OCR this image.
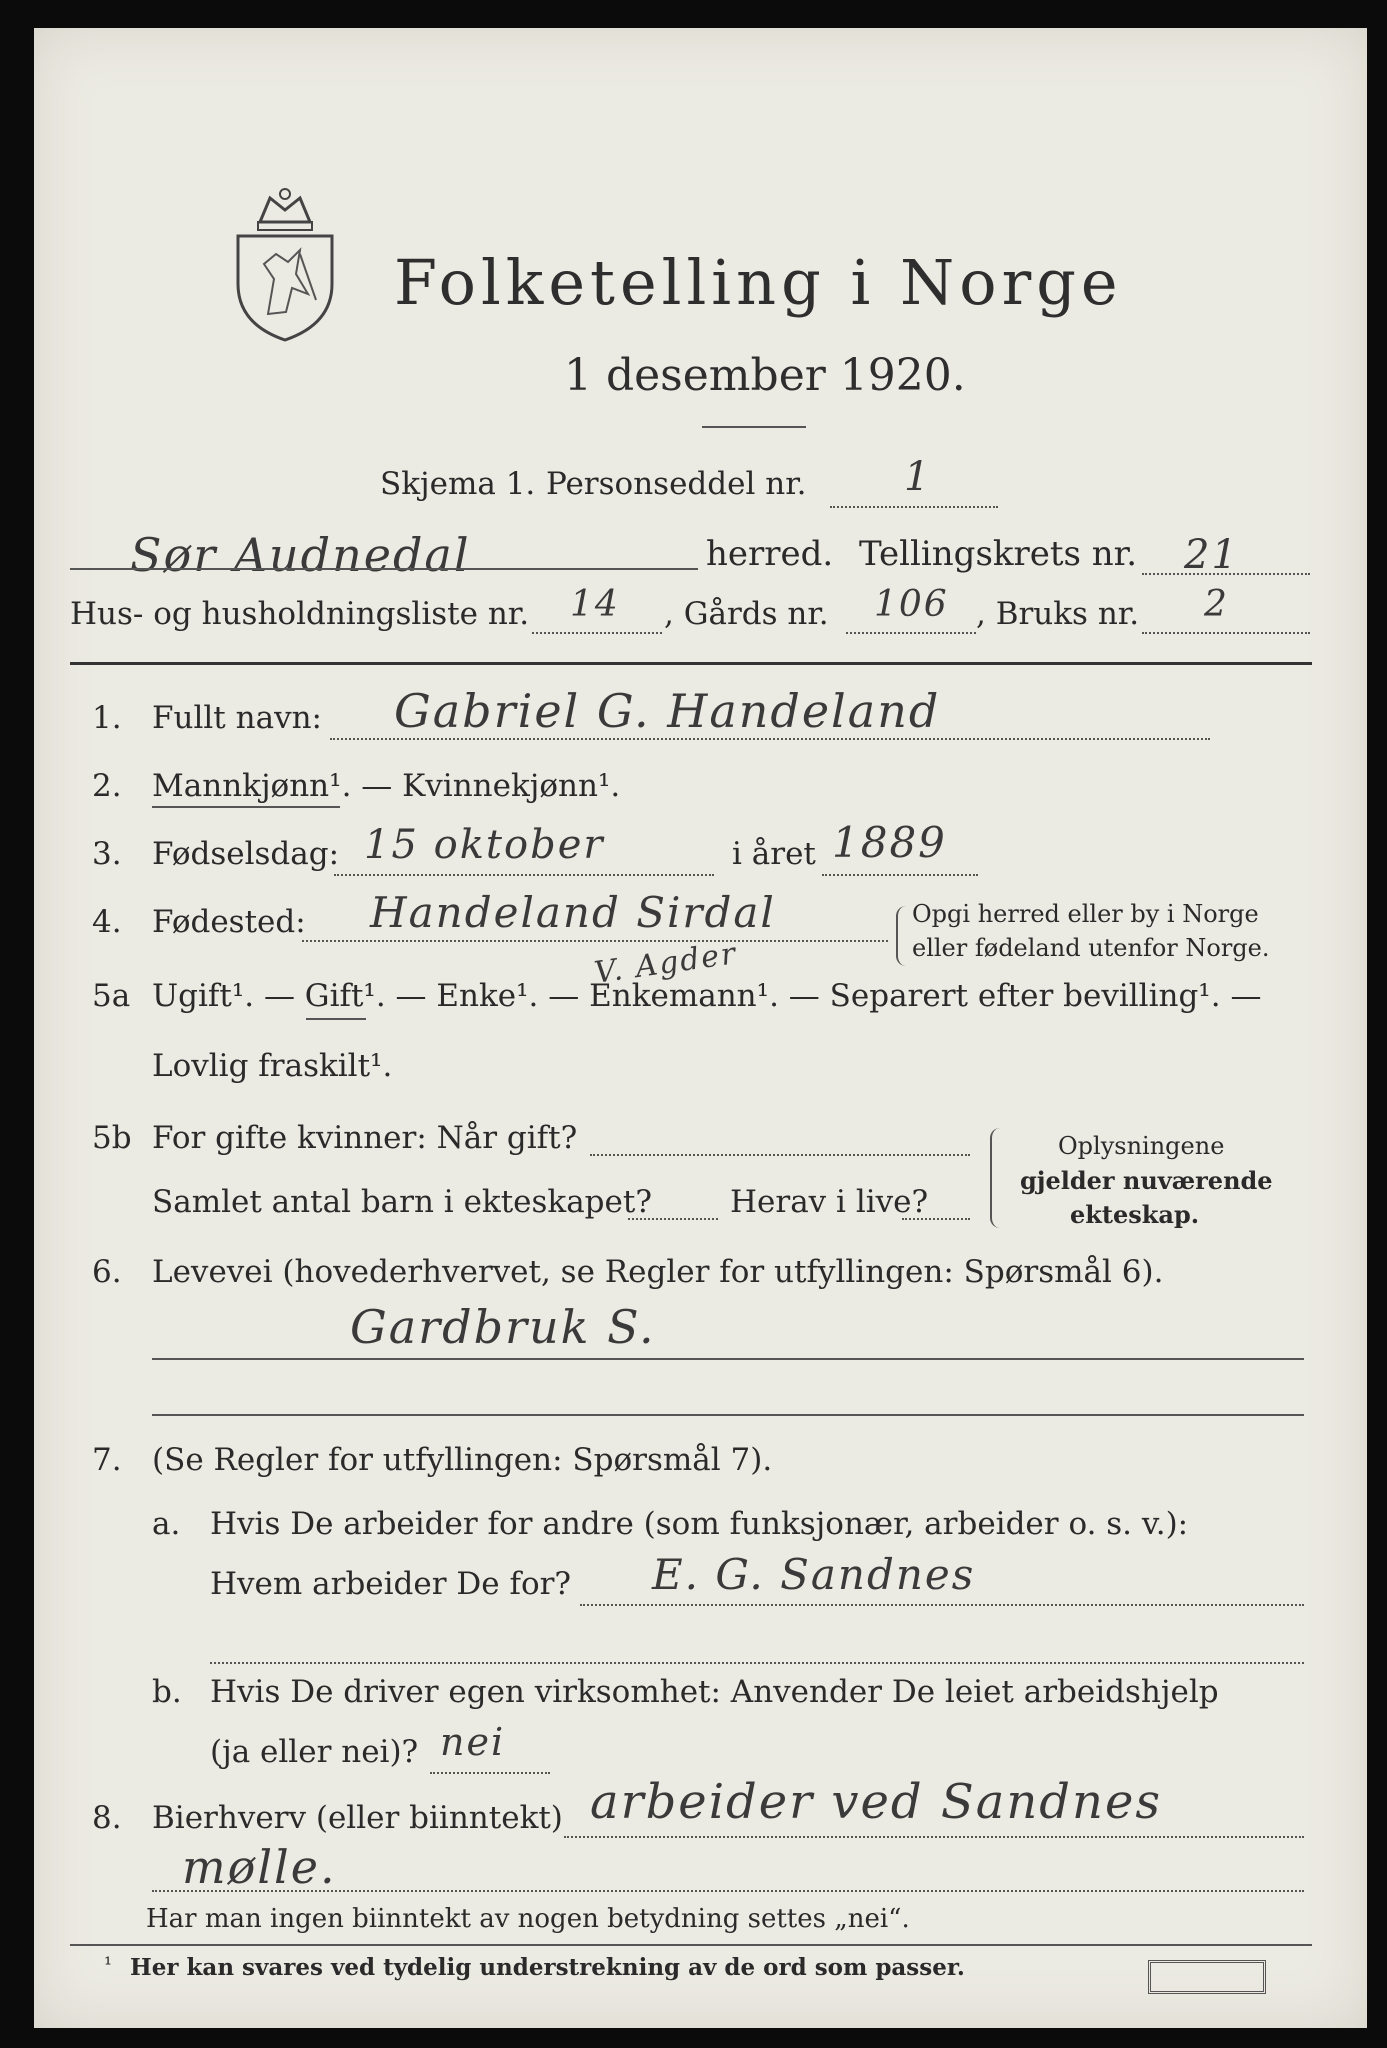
Folketelling i Norge
1 desember 1920.
Skjema 1. Personseddel nr. 1
Sør Audnedal	herred. Tellingskrets nr. 21
Hus- og husholdningsliste nr. 14 , Gårds nr. 106 , Bruks nr. 2
1. Fullt navn: Gabriel G. Handeland
2. Mannkjønn¹. — Kvinnekjønn¹.
3. Fødselsdag: 15 oktober	i året 1889
4. Fødested: Handeland Sirdal	Opgi herred eller by i Norge
eller fødeland utenfor Norge.
V. Agder
5a Ugift¹. — Gift¹. — Enke¹. — Enkemann¹. — Separert efter bevilling¹. —
Lovlig fraskilt¹.
5b For gifte kvinner: Når gift?
Samlet antal barn i ekteskapet?	Herav i live?
Oplysningene
gjelder nuværende
ekteskap.
6. Levevei (hovederhvervet, se Regler for utfyllingen: Spørsmål 6).
Gardbruk S.
7. (Se Regler for utfyllingen: Spørsmål 7).
a. Hvis De arbeider for andre (som funksjonær, arbeider o. s. v.):
Hvem arbeider De for? E. G. Sandnes
b. Hvis De driver egen virksomhet: Anvender De leiet arbeidshjelp
(ja eller nei)? nei
8. Bierhverv (eller biinntekt) arbeider ved Sandnes
mølle.
Har man ingen biinntekt av nogen betydning settes „nei“.
¹ Her kan svares ved tydelig understrekning av de ord som passer.
